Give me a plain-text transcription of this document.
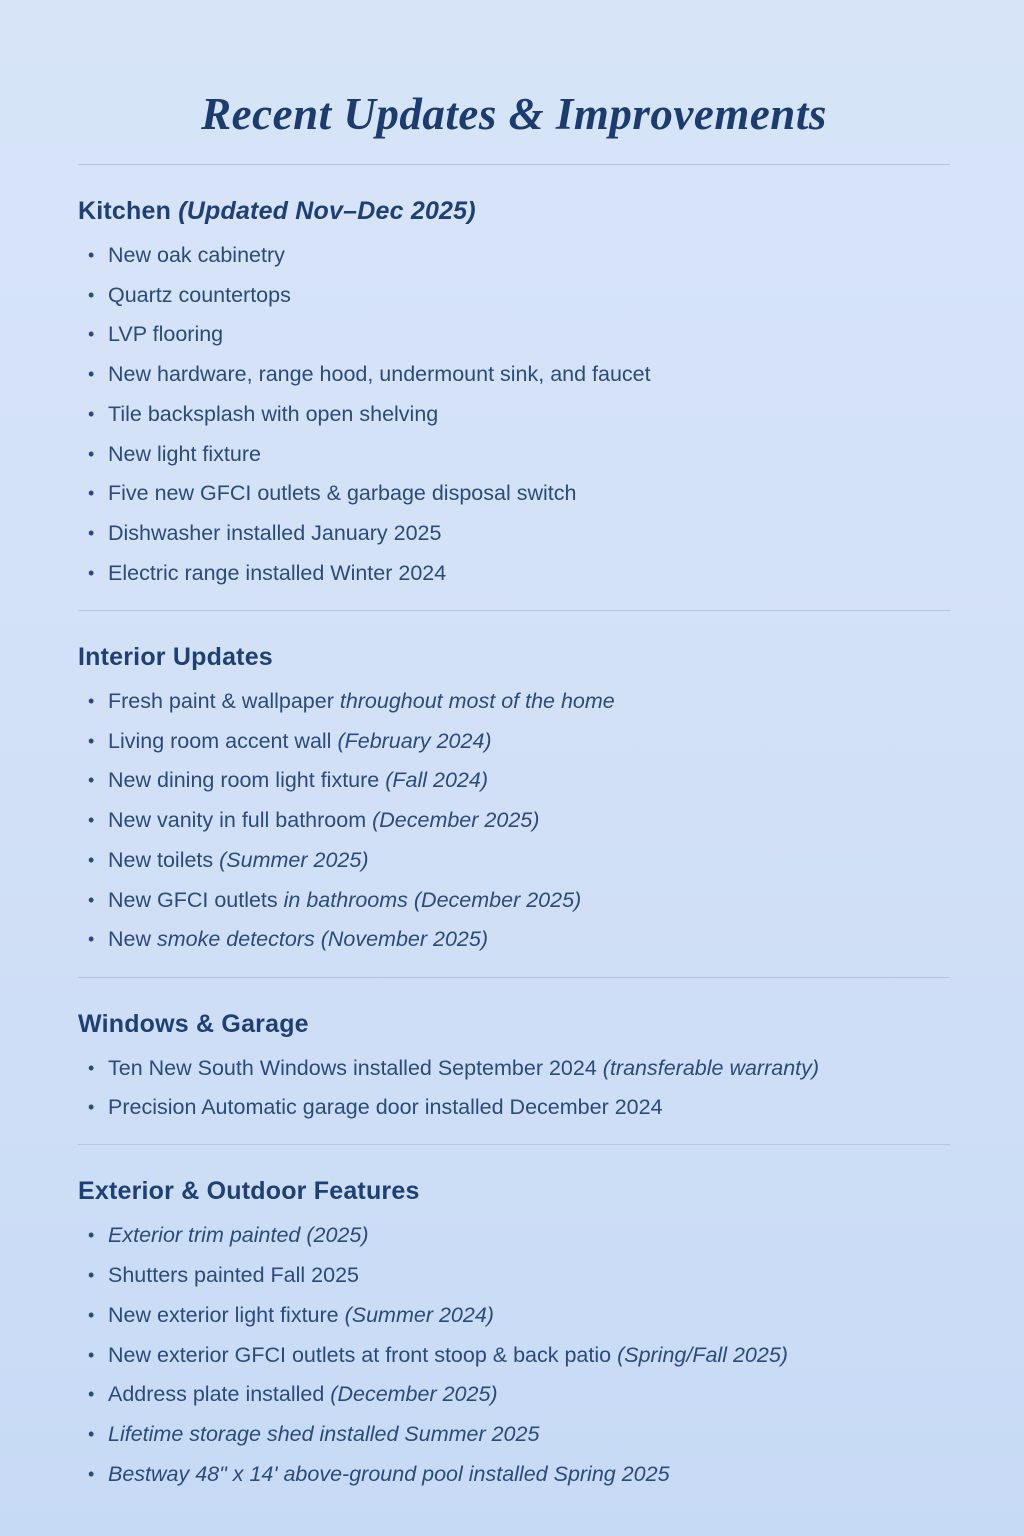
Recent Updates & Improvements
Kitchen (Updated Nov–Dec 2025)
• New oak cabinetry
• Quartz countertops
• LVP flooring
• New hardware, range hood, undermount sink, and faucet
• Tile backsplash with open shelving
• New light fixture
• Five new GFCI outlets & garbage disposal switch
• Dishwasher installed January 2025
• Electric range installed Winter 2024
Interior Updates
• Fresh paint & wallpaper throughout most of the home
• Living room accent wall (February 2024)
• New dining room light fixture (Fall 2024)
• New vanity in full bathroom (December 2025)
• New toilets (Summer 2025)
• New GFCI outlets in bathrooms (December 2025)
• New smoke detectors (November 2025)
Windows & Garage
• Ten New South Windows installed September 2024 (transferable warranty)
• Precision Automatic garage door installed December 2024
Exterior & Outdoor Features
• Exterior trim painted (2025)
• Shutters painted Fall 2025
• New exterior light fixture (Summer 2024)
• New exterior GFCI outlets at front stoop & back patio (Spring/Fall 2025)
• Address plate installed (December 2025)
• Lifetime storage shed installed Summer 2025
• Bestway 48" x 14' above-ground pool installed Spring 2025
